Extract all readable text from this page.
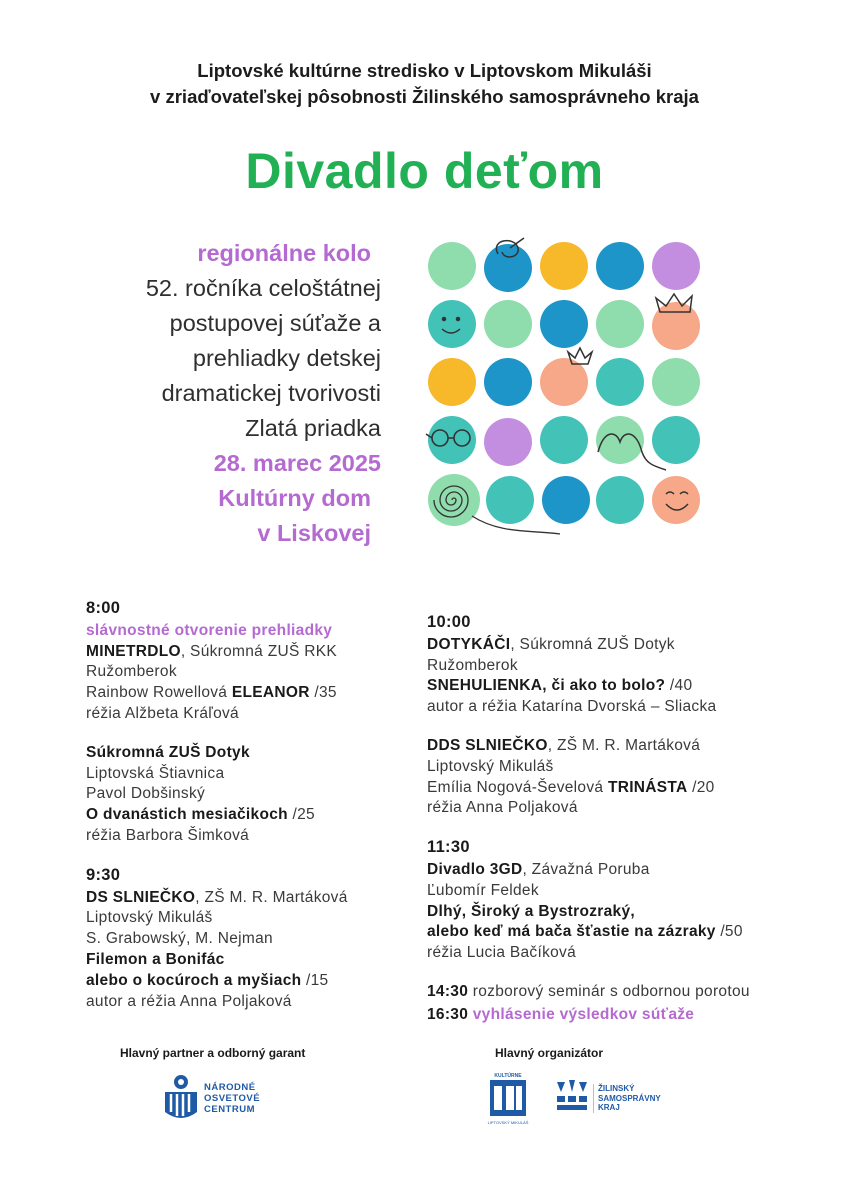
Liptovské kultúrne stredisko v Liptovskom Mikuláši
v zriaďovateľskej pôsobnosti Žilinského samosprávneho kraja
Divadlo deťom
regionálne kolo
52. ročníka celoštátnej
postupovej súťaže a
prehliadky detskej
dramatickej tvorivosti
Zlatá priadka
28. marec 2025
Kultúrny dom
v Liskovej
8:00
slávnostné otvorenie prehliadky
MINETRDLO, Súkromná ZUŠ RKK
Ružomberok
Rainbow Rowellová ELEANOR /35
réžia Alžbeta Kráľová
Súkromná ZUŠ Dotyk
Liptovská Štiavnica
Pavol Dobšinský
O dvanástich mesiačikoch /25
réžia Barbora Šimková
9:30
DS SLNIEČKO, ZŠ M. R. Martáková
Liptovský Mikuláš
S. Grabowský, M. Nejman
Filemon a Bonifác
alebo o kocúroch a myšiach /15
autor a réžia Anna Poljaková
10:00
DOTYKÁČI, Súkromná ZUŠ Dotyk
Ružomberok
SNEHULIENKA, či ako to bolo? /40
autor a réžia Katarína Dvorská – Sliacka
DDS SLNIEČKO, ZŠ M. R. Martáková
Liptovský Mikuláš
Emília Nogová-Ševelová TRINÁSTA /20
réžia Anna Poljaková
11:30
Divadlo 3GD, Závažná Poruba
Ľubomír Feldek
Dlhý, Široký a Bystrozraký,
alebo keď má bača šťastie na zázraky /50
réžia Lucia Bačíková
14:30 rozborový seminár s odbornou porotou
16:30 vyhlásenie výsledkov súťaže
Hlavný partner a odborný garant	Hlavný organizátor
NÁRODNÉ OSVETOVÉ CENTRUM
KULTÚRNE
LIPTOVSKÝ MIKULÁŠ
ŽILINSKÝ SAMOSPRÁVNY KRAJ
